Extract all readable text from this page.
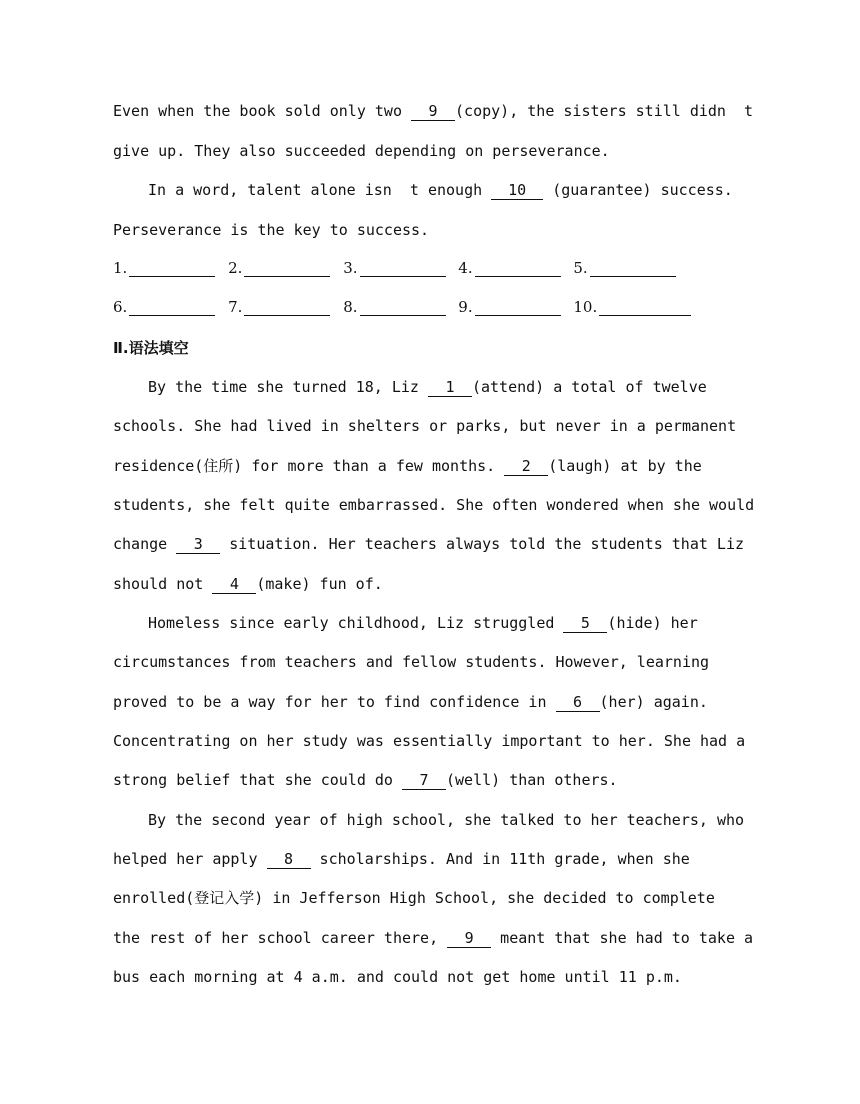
Even when the book sold only two 9 (copy), the sisters still didn  t
give up. They also succeeded depending on perseverance.
In a word, talent alone isn  t enough 10 (guarantee) success.
Perseverance is the key to success.
1.	2.	3.	4.	5.
6.	7.	8.	9.	10.
Ⅱ.语法填空
By the time she turned 18, Liz 1 (attend) a total of twelve
schools. She had lived in shelters or parks, but never in a permanent
residence(住所) for more than a few months. 2 (laugh) at by the
students, she felt quite embarrassed. She often wondered when she would
change 3 situation. Her teachers always told the students that Liz
should not 4 (make) fun of.
Homeless since early childhood, Liz struggled 5 (hide) her
circumstances from teachers and fellow students. However, learning
proved to be a way for her to find confidence in 6 (her) again.
Concentrating on her study was essentially important to her. She had a
strong belief that she could do 7 (well) than others.
By the second year of high school, she talked to her teachers, who
helped her apply 8 scholarships. And in 11th grade, when she
enrolled(登记入学) in Jefferson High School, she decided to complete
the rest of her school career there, 9 meant that she had to take a
bus each morning at 4 a.m. and could not get home until 11 p.m.
